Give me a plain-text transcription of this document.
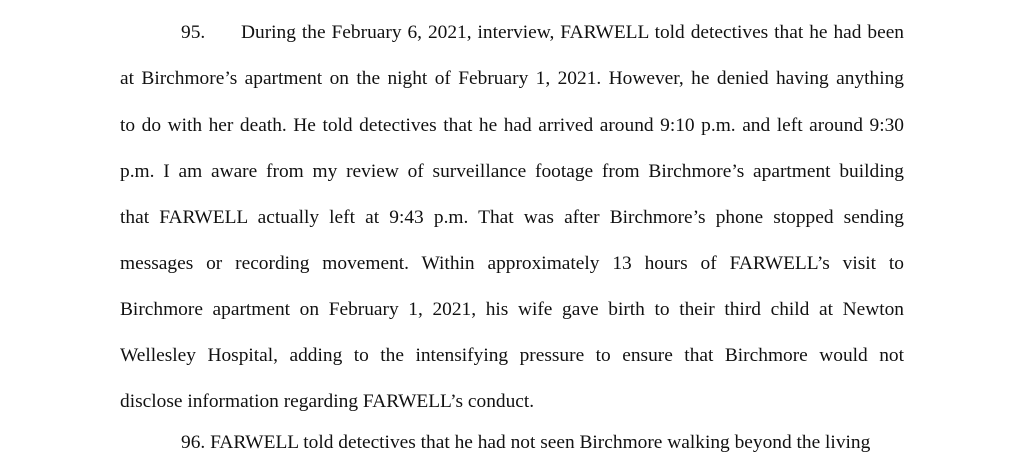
95. During the February 6, 2021, interview, FARWELL told detectives that he had been
at Birchmore’s apartment on the night of February 1, 2021. However, he denied having anything
to do with her death. He told detectives that he had arrived around 9:10 p.m. and left around 9:30
p.m. I am aware from my review of surveillance footage from Birchmore’s apartment building
that FARWELL actually left at 9:43 p.m. That was after Birchmore’s phone stopped sending
messages or recording movement. Within approximately 13 hours of FARWELL’s visit to
Birchmore apartment on February 1, 2021, his wife gave birth to their third child at Newton
Wellesley Hospital, adding to the intensifying pressure to ensure that Birchmore would not
disclose information regarding FARWELL’s conduct.
96. FARWELL told detectives that he had not seen Birchmore walking beyond the living
